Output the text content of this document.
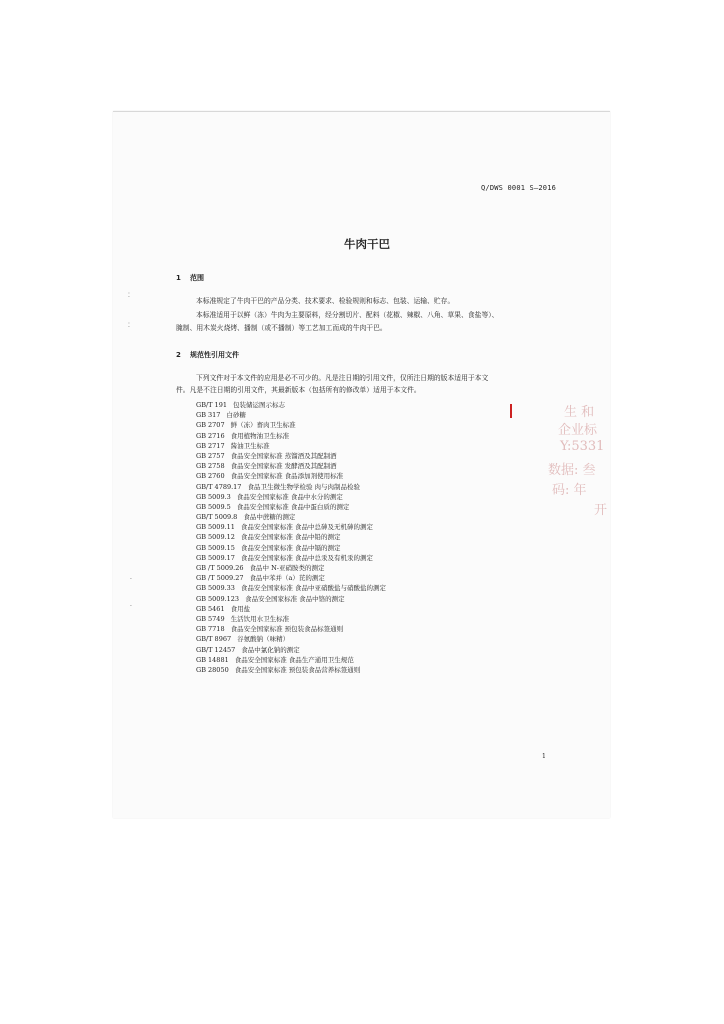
Q/DWS 0001 S—2016
牛肉干巴
⁚
⁚
·
·
1 范围
本标准规定了牛肉干巴的产品分类、技术要求、检验规则和标志、包装、运输、贮存。
本标准适用于以鲜（冻）牛肉为主要原料，经分割切片、配料（花椒、辣椒、八角、草果、食盐等）、
腌制、用木炭火烧烤、播制（或不播制）等工艺加工而成的牛肉干巴。
2 规范性引用文件
下列文件对于本文件的应用是必不可少的。凡是注日期的引用文件，仅所注日期的版本适用于本文
件。凡是不注日期的引用文件，其最新版本（包括所有的修改单）适用于本文件。
GB/T 191 包装储运图示标志
GB 317 白砂糖
GB 2707 鲜（冻）畜肉卫生标准
GB 2716 食用植物油卫生标准
GB 2717 酱油卫生标准
GB 2757 食品安全国家标准 蒸馏酒及其配制酒
GB 2758 食品安全国家标准 发酵酒及其配制酒
GB 2760 食品安全国家标准 食品添加剂使用标准
GB/T 4789.17 食品卫生微生物学检验 肉与肉制品检验
GB 5009.3 食品安全国家标准 食品中水分的测定
GB 5009.5 食品安全国家标准 食品中蛋白质的测定
GB/T 5009.8 食品中蔗糖的测定
GB 5009.11 食品安全国家标准 食品中总砷及无机砷的测定
GB 5009.12 食品安全国家标准 食品中铅的测定
GB 5009.15 食品安全国家标准 食品中镉的测定
GB 5009.17 食品安全国家标准 食品中总汞及有机汞的测定
GB /T 5009.26 食品中 N-亚硝胺类的测定
GB /T 5009.27 食品中苯并（a）芘的测定
GB 5009.33 食品安全国家标准 食品中亚硝酸盐与硝酸盐的测定
GB 5009.123 食品安全国家标准 食品中铬的测定
GB 5461 食用盐
GB 5749 生活饮用水卫生标准
GB 7718 食品安全国家标准 预包装食品标签通则
GB/T 8967 谷氨酸钠（味精）
GB/T 12457 食品中氯化钠的测定
GB 14881 食品安全国家标准 食品生产通用卫生规范
GB 28050 食品安全国家标准 预包装食品营养标签通则
生 和
企业标
Y:5331
数据: 叁
码: 年
开
1
